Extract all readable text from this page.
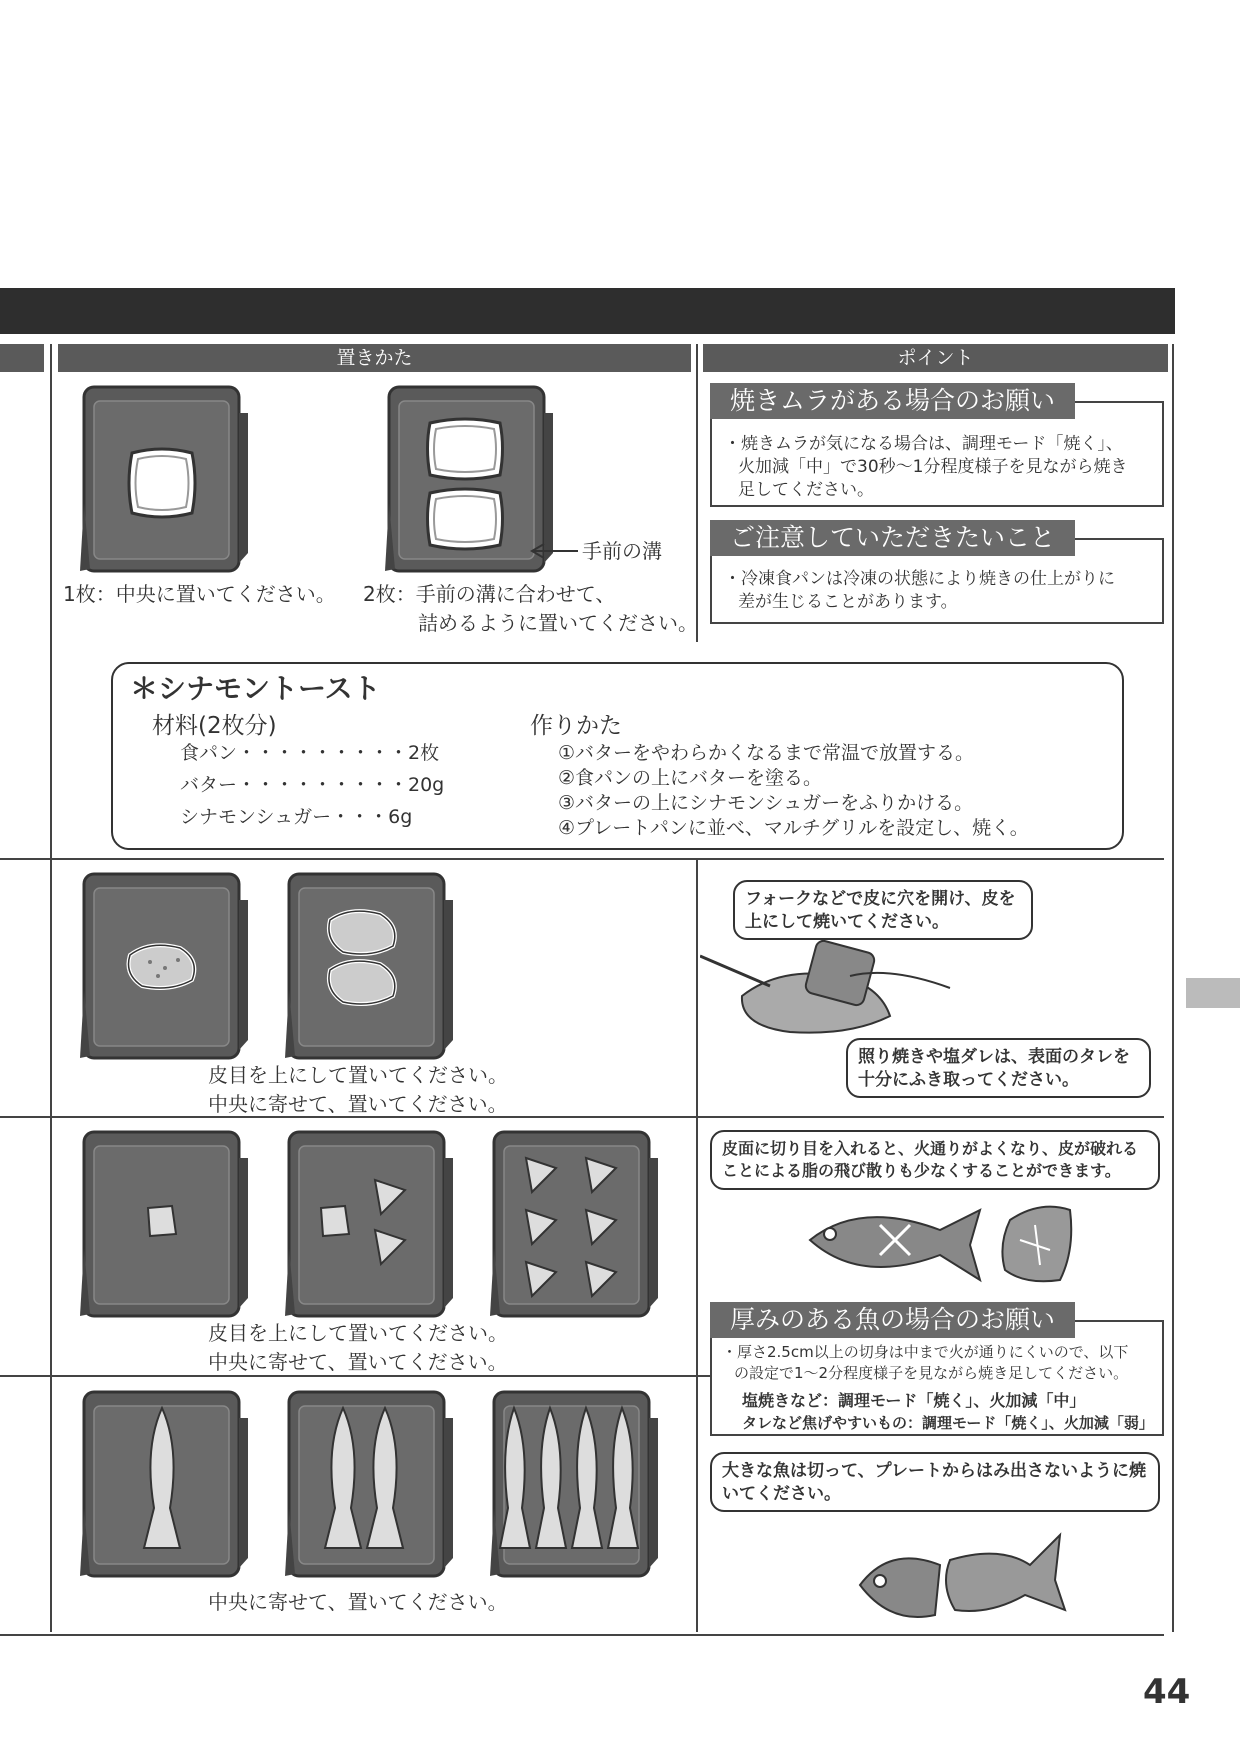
置きかた	ポイント
手前の溝
1枚：中央に置いてください。 2枚：手前の溝に合わせて、
詰めるように置いてください。
焼きムラがある場合のお願い
・焼きムラが気になる場合は、調理モード「焼く」、
火加減「中」で30秒〜1分程度様子を見ながら焼き
足してください。
ご注意していただきたいこと
・冷凍食パンは冷凍の状態により焼きの仕上がりに
差が生じることがあります。
＊シナモントースト
材料(2枚分)
食パン・・・・・・・・・2枚
バター・・・・・・・・・20g
シナモンシュガー・・・6g
作りかた
①バターをやわらかくなるまで常温で放置する。
②食パンの上にバターを塗る。
③バターの上にシナモンシュガーをふりかける。
④プレートパンに並べ、マルチグリルを設定し、焼く。
皮目を上にして置いてください。
中央に寄せて、置いてください。
フォークなどで皮に穴を開け、皮を上にして焼いてください。
照り焼きや塩ダレは、表面のタレを十分にふき取ってください。
皮目を上にして置いてください。
中央に寄せて、置いてください。
皮面に切り目を入れると、火通りがよくなり、皮が破れることによる脂の飛び散りも少なくすることができます。
厚みのある魚の場合のお願い
・厚さ2.5cm以上の切身は中まで火が通りにくいので、以下
の設定で1〜2分程度様子を見ながら焼き足してください。
塩焼きなど：調理モード「焼く」、火加減「中」
タレなど焦げやすいもの：調理モード「焼く」、火加減「弱」
中央に寄せて、置いてください。
大きな魚は切って、プレートからはみ出さないように焼いてください。
44
